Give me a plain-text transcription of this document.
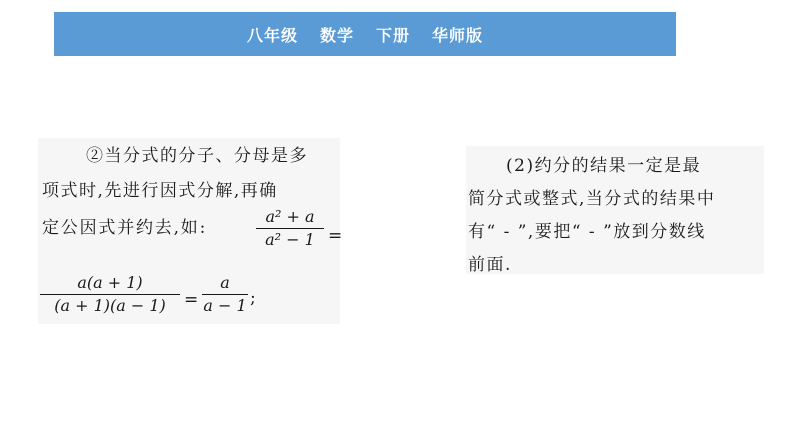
八年级 数学 下册 华师版
②当分式的分子、分母是多
项式时,先进行因式分解,再确
定公因式并约去,如:
a² + a
a² − 1 =
a(a + 1)
(a + 1)(a − 1)	=
a
a − 1 ;
(2)约分的结果一定是最
简分式或整式,当分式的结果中
有“ - ”,要把“ - ”放到分数线
前面.
